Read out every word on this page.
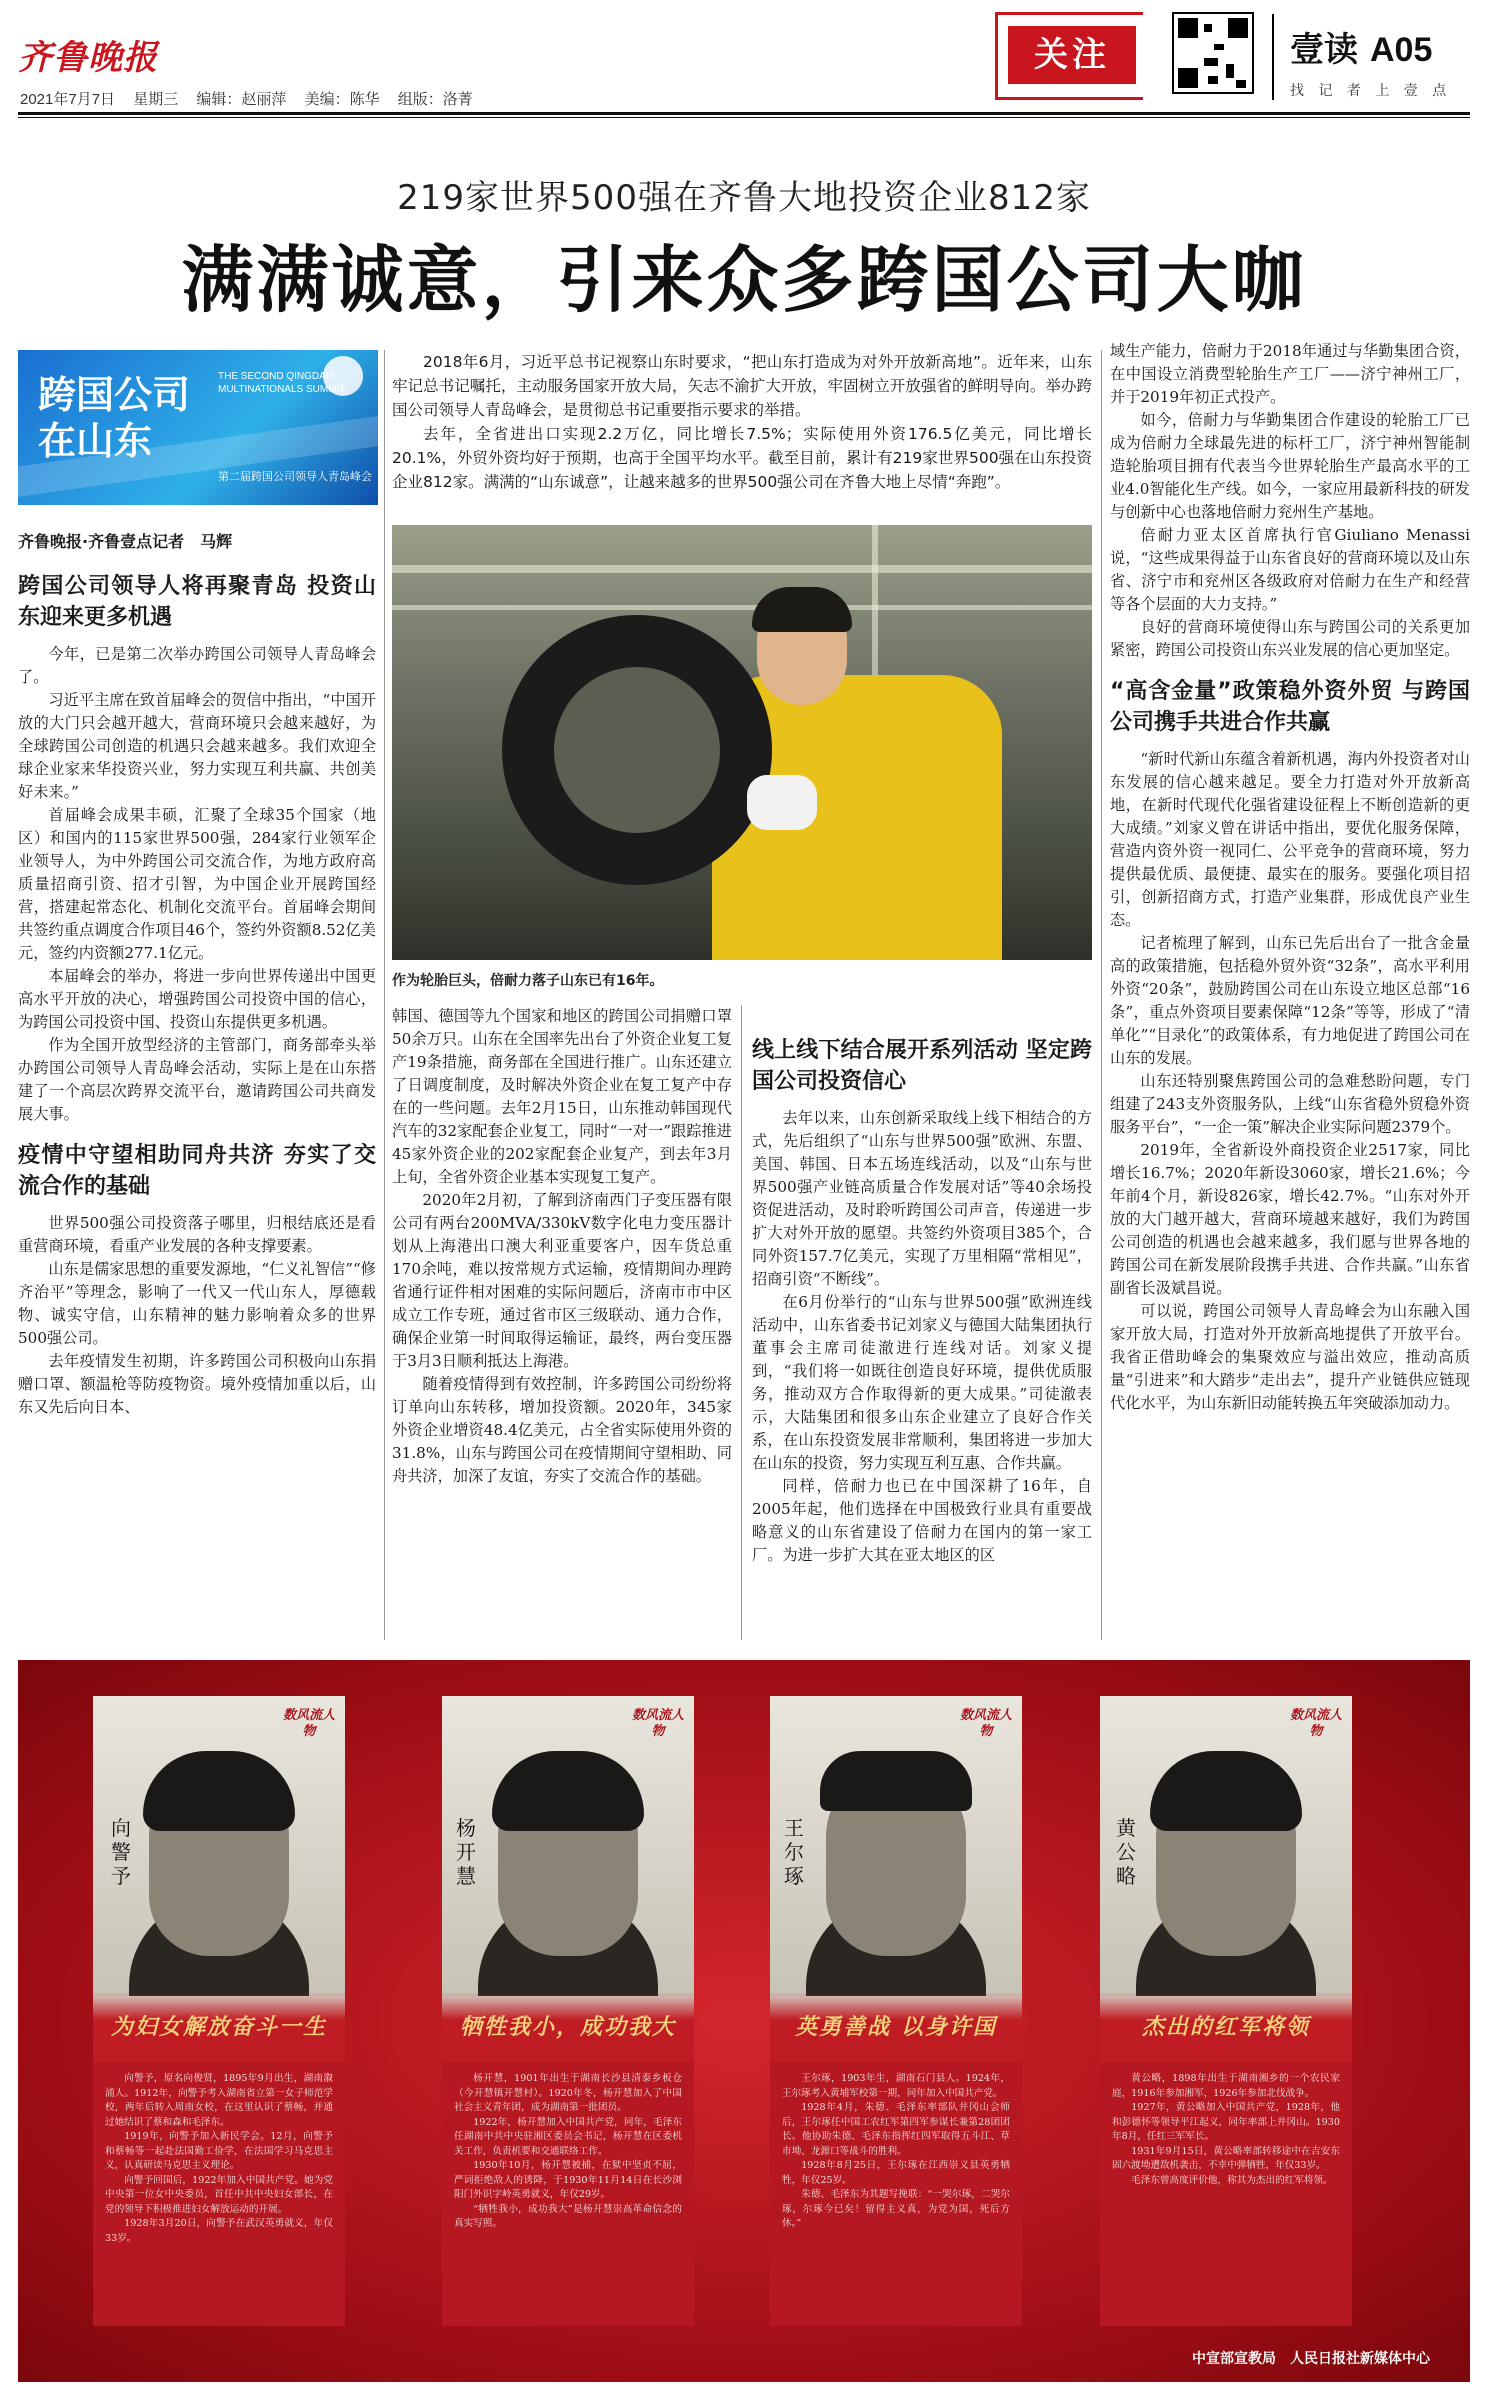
齐鲁晚报
2021年7月7日 星期三 编辑：赵丽萍 美编：陈华 组版：洛菁
关注	壹读 A05
找 记 者 上 壹 点
219家世界500强在齐鲁大地投资企业812家
满满诚意，引来众多跨国公司大咖
跨国公司
在山东
THE SECOND QINGDAO MULTINATIONALS SUMMIT
第二届跨国公司领导人青岛峰会

齐鲁晚报·齐鲁壹点记者　马辉

跨国公司领导人将再聚青岛 投资山东迎来更多机遇

今年，已是第二次举办跨国公司领导人青岛峰会了。

习近平主席在致首届峰会的贺信中指出，“中国开放的大门只会越开越大，营商环境只会越来越好，为全球跨国公司创造的机遇只会越来越多。我们欢迎全球企业家来华投资兴业，努力实现互利共赢、共创美好未来。”

首届峰会成果丰硕，汇聚了全球35个国家（地区）和国内的115家世界500强，284家行业领军企业领导人，为中外跨国公司交流合作，为地方政府高质量招商引资、招才引智，为中国企业开展跨国经营，搭建起常态化、机制化交流平台。首届峰会期间共签约重点调度合作项目46个，签约外资额8.52亿美元，签约内资额277.1亿元。

本届峰会的举办，将进一步向世界传递出中国更高水平开放的决心，增强跨国公司投资中国的信心，为跨国公司投资中国、投资山东提供更多机遇。

作为全国开放型经济的主管部门，商务部牵头举办跨国公司领导人青岛峰会活动，实际上是在山东搭建了一个高层次跨界交流平台，邀请跨国公司共商发展大事。

疫情中守望相助同舟共济 夯实了交流合作的基础

世界500强公司投资落子哪里，归根结底还是看重营商环境，看重产业发展的各种支撑要素。

山东是儒家思想的重要发源地，“仁义礼智信”“修齐治平”等理念，影响了一代又一代山东人，厚德载物、诚实守信，山东精神的魅力影响着众多的世界500强公司。

去年疫情发生初期，许多跨国公司积极向山东捐赠口罩、额温枪等防疫物资。境外疫情加重以后，山东又先后向日本、

2018年6月，习近平总书记视察山东时要求，“把山东打造成为对外开放新高地”。近年来，山东牢记总书记嘱托，主动服务国家开放大局，矢志不渝扩大开放，牢固树立开放强省的鲜明导向。举办跨国公司领导人青岛峰会，是贯彻总书记重要指示要求的举措。

去年，全省进出口实现2.2万亿，同比增长7.5%；实际使用外资176.5亿美元，同比增长20.1%，外贸外资均好于预期，也高于全国平均水平。截至目前，累计有219家世界500强在山东投资企业812家。满满的“山东诚意”，让越来越多的世界500强公司在齐鲁大地上尽情“奔跑”。

作为轮胎巨头，倍耐力落子山东已有16年。

韩国、德国等九个国家和地区的跨国公司捐赠口罩50余万只。山东在全国率先出台了外资企业复工复产19条措施，商务部在全国进行推广。山东还建立了日调度制度，及时解决外资企业在复工复产中存在的一些问题。去年2月15日，山东推动韩国现代汽车的32家配套企业复工，同时“一对一”跟踪推进45家外资企业的202家配套企业复产，到去年3月上旬，全省外资企业基本实现复工复产。

2020年2月初，了解到济南西门子变压器有限公司有两台200MVA/330kV数字化电力变压器计划从上海港出口澳大利亚重要客户，因车货总重170余吨，难以按常规方式运输，疫情期间办理跨省通行证件相对困难的实际问题后，济南市市中区成立工作专班，通过省市区三级联动、通力合作，确保企业第一时间取得运输证，最终，两台变压器于3月3日顺利抵达上海港。

随着疫情得到有效控制，许多跨国公司纷纷将订单向山东转移，增加投资额。2020年，345家外资企业增资48.4亿美元，占全省实际使用外资的31.8%，山东与跨国公司在疫情期间守望相助、同舟共济，加深了友谊，夯实了交流合作的基础。

线上线下结合展开系列活动 坚定跨国公司投资信心

去年以来，山东创新采取线上线下相结合的方式，先后组织了“山东与世界500强”欧洲、东盟、美国、韩国、日本五场连线活动，以及“山东与世界500强产业链高质量合作发展对话”等40余场投资促进活动，及时聆听跨国公司声音，传递进一步扩大对外开放的愿望。共签约外资项目385个，合同外资157.7亿美元，实现了万里相隔“常相见”，招商引资“不断线”。

在6月份举行的“山东与世界500强”欧洲连线活动中，山东省委书记刘家义与德国大陆集团执行董事会主席司徒澈进行连线对话。刘家义提到，“我们将一如既往创造良好环境，提供优质服务，推动双方合作取得新的更大成果。”司徒澈表示，大陆集团和很多山东企业建立了良好合作关系，在山东投资发展非常顺利，集团将进一步加大在山东的投资，努力实现互利互惠、合作共赢。

同样，倍耐力也已在中国深耕了16年，自2005年起，他们选择在中国极致行业具有重要战略意义的山东省建设了倍耐力在国内的第一家工厂。为进一步扩大其在亚太地区的区

域生产能力，倍耐力于2018年通过与华勤集团合资，在中国设立消费型轮胎生产工厂——济宁神州工厂，并于2019年初正式投产。

如今，倍耐力与华勤集团合作建设的轮胎工厂已成为倍耐力全球最先进的标杆工厂，济宁神州智能制造轮胎项目拥有代表当今世界轮胎生产最高水平的工业4.0智能化生产线。如今，一家应用最新科技的研发与创新中心也落地倍耐力兖州生产基地。

倍耐力亚太区首席执行官Giuliano Menassi说，“这些成果得益于山东省良好的营商环境以及山东省、济宁市和兖州区各级政府对倍耐力在生产和经营等各个层面的大力支持。”

良好的营商环境使得山东与跨国公司的关系更加紧密，跨国公司投资山东兴业发展的信心更加坚定。

“高含金量”政策稳外资外贸 与跨国公司携手共进合作共赢

“新时代新山东蕴含着新机遇，海内外投资者对山东发展的信心越来越足。要全力打造对外开放新高地，在新时代现代化强省建设征程上不断创造新的更大成绩。”刘家义曾在讲话中指出，要优化服务保障，营造内资外资一视同仁、公平竞争的营商环境，努力提供最优质、最便捷、最实在的服务。要强化项目招引，创新招商方式，打造产业集群，形成优良产业生态。

记者梳理了解到，山东已先后出台了一批含金量高的政策措施，包括稳外贸外资“32条”，高水平利用外资“20条”，鼓励跨国公司在山东设立地区总部“16条”，重点外资项目要素保障“12条”等等，形成了“清单化”“目录化”的政策体系，有力地促进了跨国公司在山东的发展。

山东还特别聚焦跨国公司的急难愁盼问题，专门组建了243支外资服务队，上线“山东省稳外贸稳外资服务平台”，“一企一策”解决企业实际问题2379个。

2019年，全省新设外商投资企业2517家，同比增长16.7%；2020年新设3060家，增长21.6%；今年前4个月，新设826家，增长42.7%。“山东对外开放的大门越开越大，营商环境越来越好，我们为跨国公司创造的机遇也会越来越多，我们愿与世界各地的跨国公司在新发展阶段携手共进、合作共赢。”山东省副省长汲斌昌说。

可以说，跨国公司领导人青岛峰会为山东融入国家开放大局，打造对外开放新高地提供了开放平台。我省正借助峰会的集聚效应与溢出效应，推动高质量“引进来”和大踏步“走出去”，提升产业链供应链现代化水平，为山东新旧动能转换五年突破添加动力。

向警予
数风流人物
为妇女解放奋斗一生

向警予，原名向俊贤，1895年9月出生，湖南溆浦人。1912年，向警予考入湖南省立第一女子师范学校，两年后转入周南女校，在这里认识了蔡畅，并通过她结识了蔡和森和毛泽东。

1919年，向警予加入新民学会。12月，向警予和蔡畅等一起赴法国勤工俭学，在法国学习马克思主义，认真研读马克思主义理论。

向警予回国后，1922年加入中国共产党。她为党中央第一位女中央委员，首任中共中央妇女部长，在党的领导下积极推进妇女解放运动的开展。

1928年3月20日，向警予在武汉英勇就义，年仅33岁。

杨开慧
数风流人物
牺牲我小，成功我大

杨开慧，1901年出生于湖南长沙县清泰乡板仓（今开慧镇开慧村）。1920年冬，杨开慧加入了中国社会主义青年团，成为湖南第一批团员。

1922年，杨开慧加入中国共产党，同年，毛泽东任湖南中共中央驻湘区委员会书记，杨开慧在区委机关工作，负责机要和交通联络工作。

1930年10月，杨开慧被捕，在狱中坚贞不屈，严词拒绝敌人的诱降，于1930年11月14日在长沙浏阳门外识字岭英勇就义，年仅29岁。

“牺牲我小，成功我大”是杨开慧崇高革命信念的真实写照。

王尔琢
数风流人物
英勇善战 以身许国

王尔琢，1903年生，湖南石门县人。1924年，王尔琢考入黄埔军校第一期，同年加入中国共产党。

1928年4月，朱德、毛泽东率部队井冈山会师后，王尔琢任中国工农红军第四军参谋长兼第28团团长。他协助朱德、毛泽东指挥红四军取得五斗江、草市坳、龙源口等战斗的胜利。

1928年8月25日，王尔琢在江西崇义县英勇牺牲，年仅25岁。

朱德、毛泽东为其题写挽联：“一哭尔琢，二哭尔琢，尔琢今已矣！留得主义真，为党为国，死后方休。”

黄公略
数风流人物
杰出的红军将领

黄公略，1898年出生于湖南湘乡的一个农民家庭，1916年参加湘军，1926年参加北伐战争。

1927年，黄公略加入中国共产党，1928年，他和彭德怀等领导平江起义，同年率部上井冈山。1930年8月，任红三军军长。

1931年9月15日，黄公略率部转移途中在吉安东固六渡坳遭敌机袭击，不幸中弹牺牲，年仅33岁。

毛泽东曾高度评价他，称其为杰出的红军将领。

中宣部宣教局　人民日报社新媒体中心
